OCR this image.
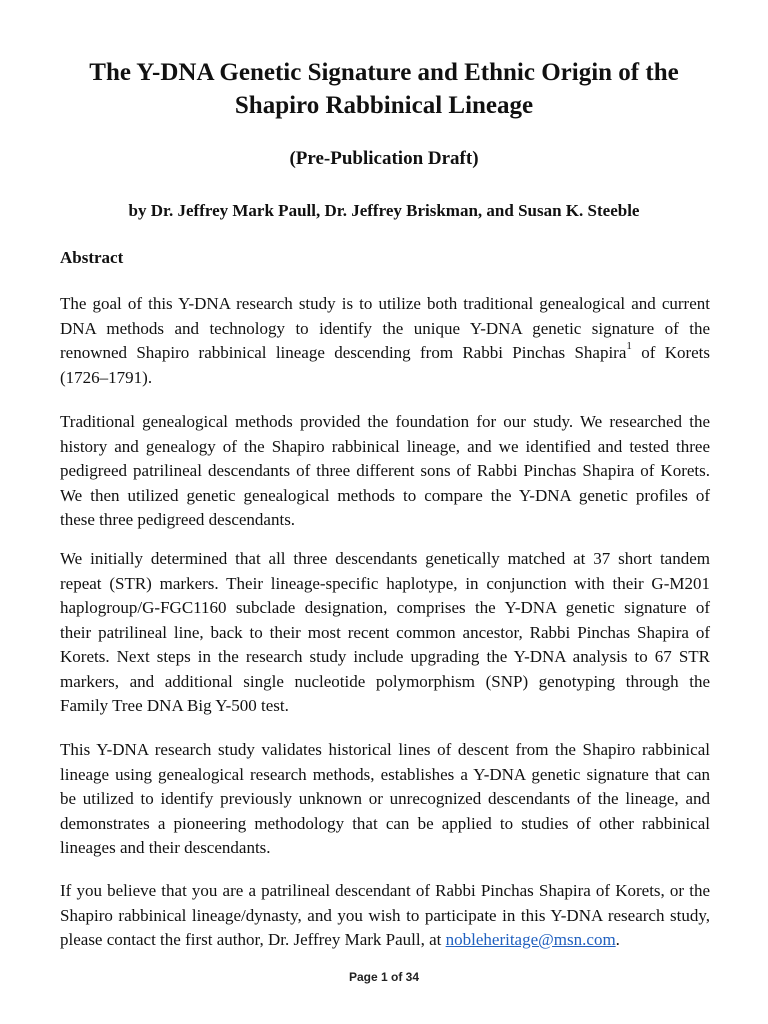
The Y-DNA Genetic Signature and Ethnic Origin of the
Shapiro Rabbinical Lineage
(Pre-Publication Draft)
by Dr. Jeffrey Mark Paull, Dr. Jeffrey Briskman, and Susan K. Steeble
Abstract
The goal of this Y-DNA research study is to utilize both traditional genealogical and current
DNA methods and technology to identify the unique Y-DNA genetic signature of the
renowned Shapiro rabbinical lineage descending from Rabbi Pinchas Shapira$^1$ of Korets
(1726–1791).
Traditional genealogical methods provided the foundation for our study. We researched the
history and genealogy of the Shapiro rabbinical lineage, and we identified and tested three
pedigreed patrilineal descendants of three different sons of Rabbi Pinchas Shapira of Korets.
We then utilized genetic genealogical methods to compare the Y-DNA genetic profiles of
these three pedigreed descendants.
We initially determined that all three descendants genetically matched at 37 short tandem
repeat (STR) markers. Their lineage-specific haplotype, in conjunction with their G-M201
haplogroup/G-FGC1160 subclade designation, comprises the Y-DNA genetic signature of
their patrilineal line, back to their most recent common ancestor, Rabbi Pinchas Shapira of
Korets. Next steps in the research study include upgrading the Y-DNA analysis to 67 STR
markers, and additional single nucleotide polymorphism (SNP) genotyping through the
Family Tree DNA Big Y-500 test.
This Y-DNA research study validates historical lines of descent from the Shapiro rabbinical
lineage using genealogical research methods, establishes a Y-DNA genetic signature that can
be utilized to identify previously unknown or unrecognized descendants of the lineage, and
demonstrates a pioneering methodology that can be applied to studies of other rabbinical
lineages and their descendants.
If you believe that you are a patrilineal descendant of Rabbi Pinchas Shapira of Korets, or the
Shapiro rabbinical lineage/dynasty, and you wish to participate in this Y-DNA research study,
please contact the first author, Dr. Jeffrey Mark Paull, at nobleheritage@msn.com.
Page 1 of 34
